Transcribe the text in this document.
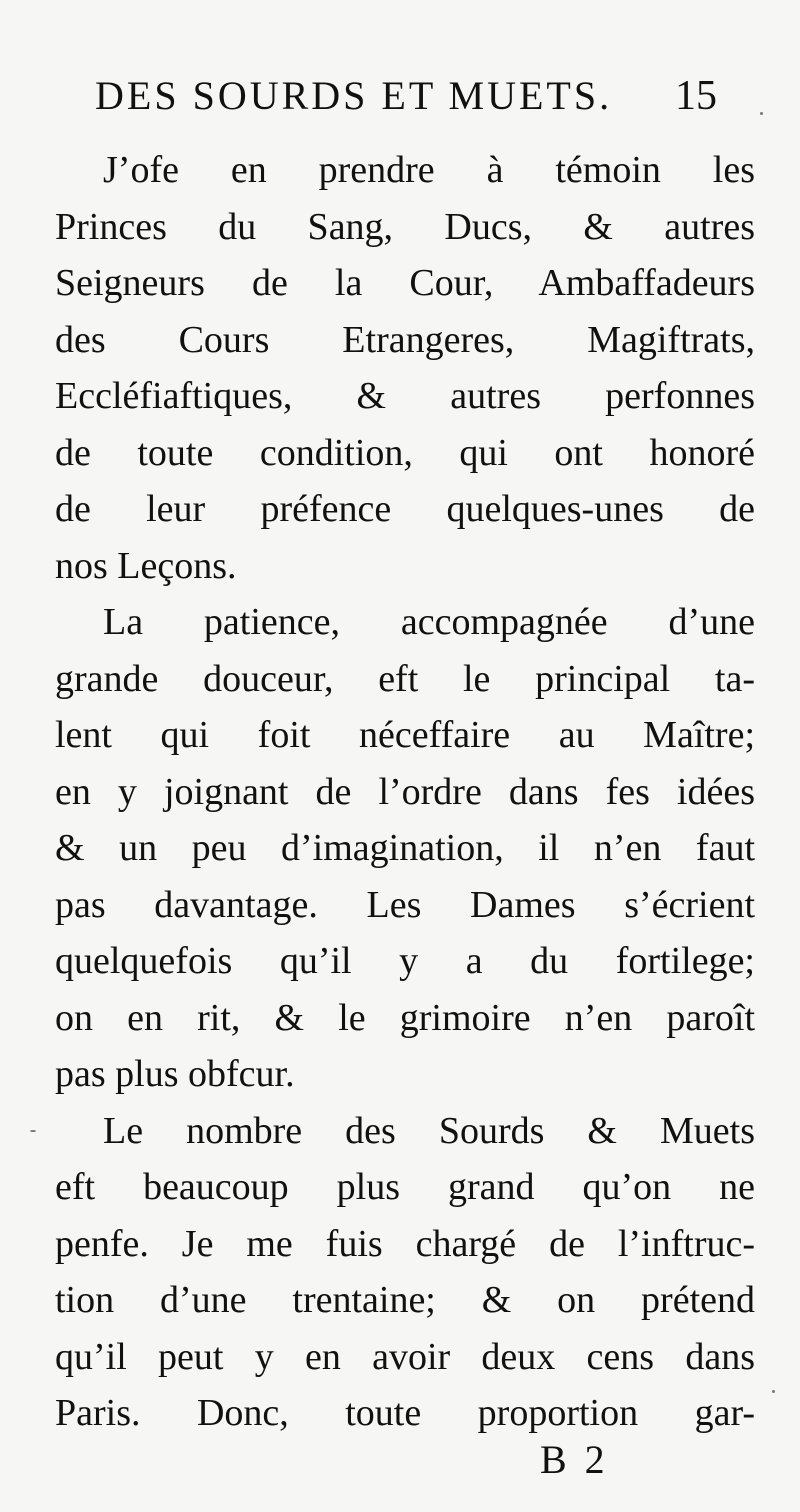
DES SOURDS ET MUETS. 15
J’ofe en prendre à témoin les
Princes du Sang, Ducs, & autres
Seigneurs de la Cour, Ambaffadeurs
des Cours Etrangeres, Magiftrats,
Eccléfiaftiques, & autres perfonnes
de toute condition, qui ont honoré
de leur préfence quelques-unes de
nos Leçons.
La patience, accompagnée d’une
grande douceur, eft le principal ta-
lent qui foit néceffaire au Maître;
en y joignant de l’ordre dans fes idées
& un peu d’imagination, il n’en faut
pas davantage. Les Dames s’écrient
quelquefois qu’il y a du fortilege;
on en rit, & le grimoire n’en paroît
pas plus obfcur.
Le nombre des Sourds & Muets
eft beaucoup plus grand qu’on ne
penfe. Je me fuis chargé de l’inftruc-
tion d’une trentaine; & on prétend
qu’il peut y en avoir deux cens dans
Paris. Donc, toute proportion gar-
B 2
